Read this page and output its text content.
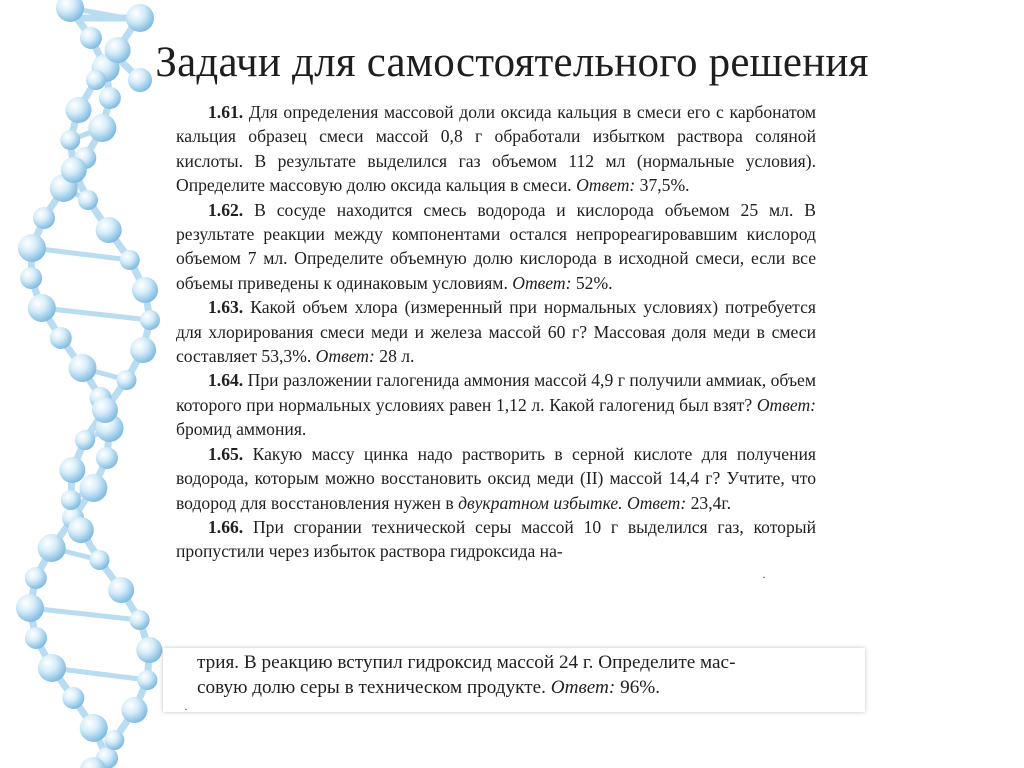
Задачи для самостоятельного решения
1.61. Для определения массовой доли оксида кальция в смеси его с карбонатом кальция образец смеси массой 0,8 г обработали избытком раствора соляной кислоты. В результате выделился газ объемом 112 мл (нормальные условия). Определите массовую долю оксида кальция в смеси. Ответ: 37,5%.
1.62. В сосуде находится смесь водорода и кислорода объемом 25 мл. В результате реакции между компонентами остался непрореагировавшим кислород объемом 7 мл. Определите объемную долю кислорода в исходной смеси, если все объемы приведены к одинаковым условиям. Ответ: 52%.
1.63. Какой объем хлора (измеренный при нормальных условиях) потребуется для хлорирования смеси меди и железа массой 60 г? Массовая доля меди в смеси составляет 53,3%. Ответ: 28 л.
1.64. При разложении галогенида аммония массой 4,9 г получили аммиак, объем которого при нормальных условиях равен 1,12 л. Какой галогенид был взят? Ответ: бромид аммония.
1.65. Какую массу цинка надо растворить в серной кислоте для получения водорода, которым можно восстановить оксид меди (II) массой 14,4 г? Учтите, что водород для восстановления нужен в двукратном избытке. Ответ: 23,4г.
1.66. При сгорании технической серы массой 10 г выделился газ, который пропустили через избыток раствора гидроксида на-
трия. В реакцию вступил гидроксид массой 24 г. Определите мас-
совую долю серы в техническом продукте. Ответ: 96%.
·
·
